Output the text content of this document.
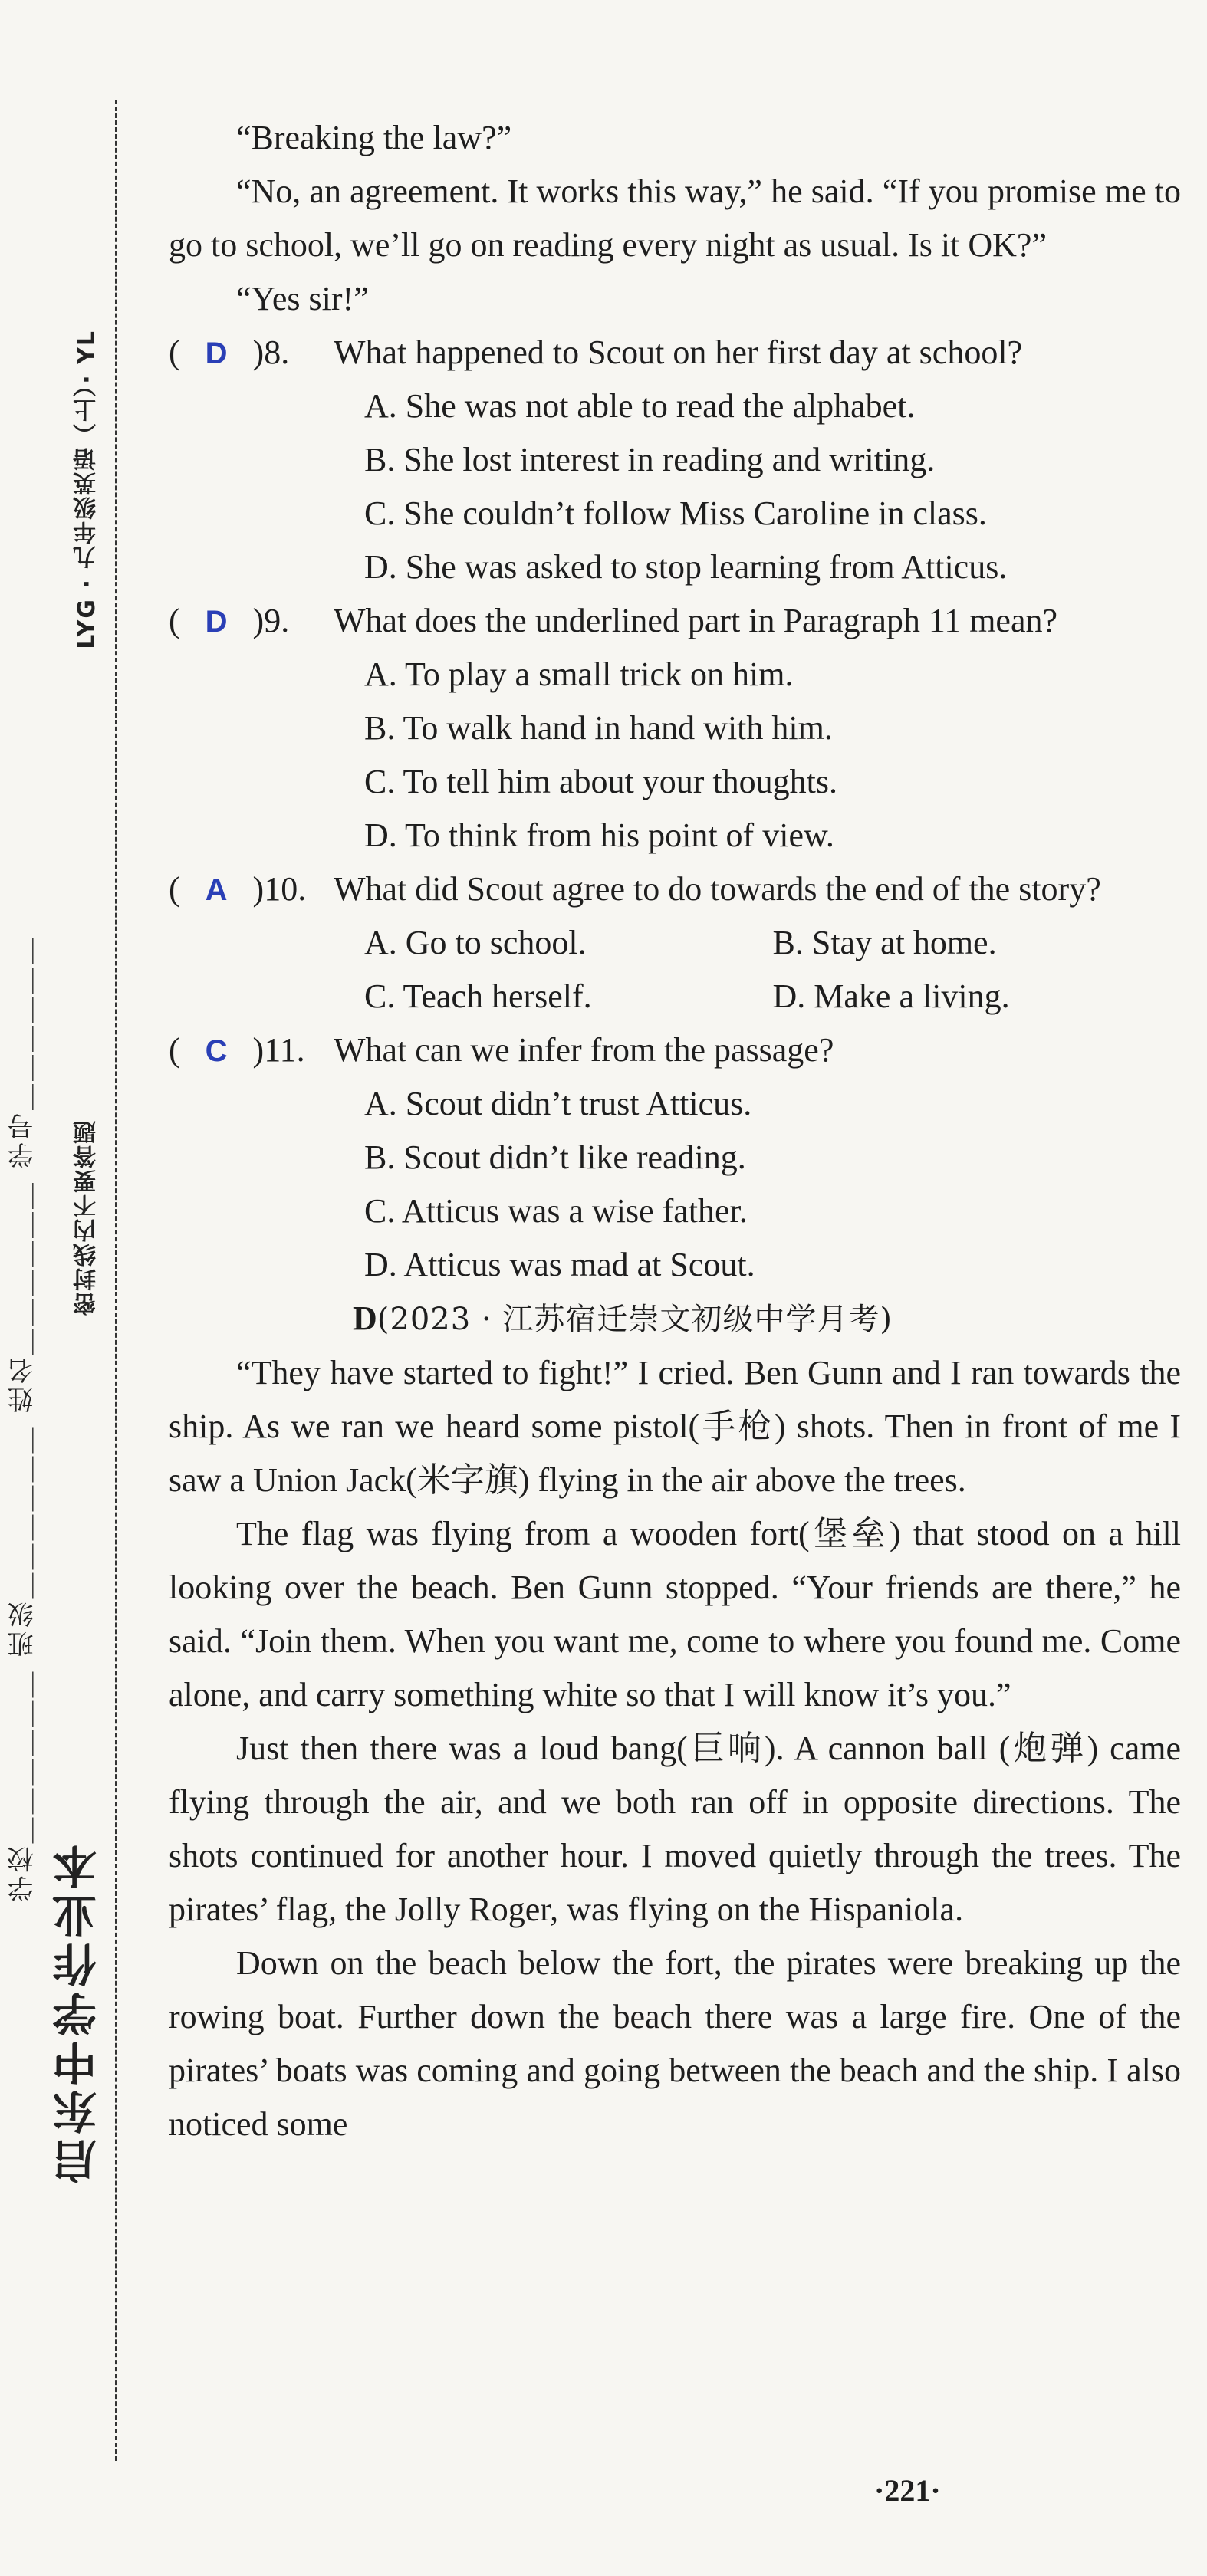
启东中学作业本
学校＿＿＿＿＿＿ 班级＿＿＿＿＿＿ 姓名＿＿＿＿＿＿ 学号＿＿＿＿＿＿ 密封线内不要答题
LYG · 九年级英语（上）· YL

“Breaking the law?”

“No, an agreement. It works this way,” he said. “If you promise me to go to school, we’ll go on reading every night as usual. Is it OK?”

“Yes sir!”

(   D   )8.	What happened to Scout on her first day at school?

A. She was not able to read the alphabet.

B. She lost interest in reading and writing.

C. She couldn’t follow Miss Caroline in class.

D. She was asked to stop learning from Atticus.

(   D   )9.	What does the underlined part in Paragraph 11 mean?

A. To play a small trick on him.

B. To walk hand in hand with him.

C. To tell him about your thoughts.

D. To think from his point of view.

(   A   )10. What did Scout agree to do towards the end of the story?

A. Go to school.	B. Stay at home.

C. Teach herself.	D. Make a living.

(   C   )11. What can we infer from the passage?

A. Scout didn’t trust Atticus.

B. Scout didn’t like reading.

C. Atticus was a wise father.

D. Atticus was mad at Scout.

D(2023 · 江苏宿迁崇文初级中学月考)

“They have started to fight!” I cried. Ben Gunn and I ran towards the ship. As we ran we heard some pistol(手枪) shots. Then in front of me I saw a Union Jack(米字旗) flying in the air above the trees.

The flag was flying from a wooden fort(堡垒) that stood on a hill looking over the beach. Ben Gunn stopped. “Your friends are there,” he said. “Join them. When you want me, come to where you found me. Come alone, and carry something white so that I will know it’s you.”

Just then there was a loud bang(巨响). A cannon ball (炮弹) came flying through the air, and we both ran off in opposite directions. The shots continued for another hour. I moved quietly through the trees. The pirates’ flag, the Jolly Roger, was flying on the Hispaniola.

Down on the beach below the fort, the pirates were breaking up the rowing boat. Further down the beach there was a large fire. One of the pirates’ boats was coming and going between the beach and the ship. I also noticed some

·221·
